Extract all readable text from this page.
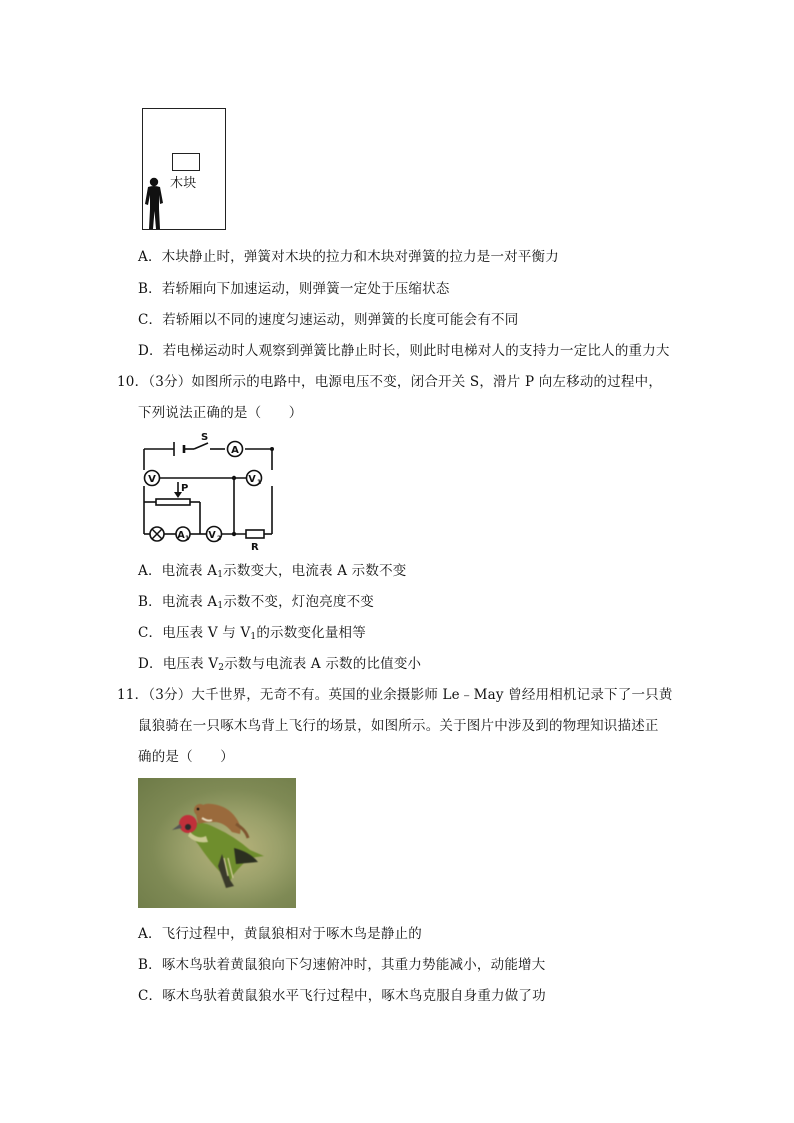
木块
A．木块静止时，弹簧对木块的拉力和木块对弹簧的拉力是一对平衡力
B．若轿厢向下加速运动，则弹簧一定处于压缩状态
C．若轿厢以不同的速度匀速运动，则弹簧的长度可能会有不同
D．若电梯运动时人观察到弹簧比静止时长，则此时电梯对人的支持力一定比人的重力大
10．（3分）如图所示的电路中，电源电压不变，闭合开关 S，滑片 P 向左移动的过程中，
下列说法正确的是（　　）
S
A
V	V 1
P
A 1 V 2
R
A．电流表 $A_1$示数变大，电流表 A 示数不变
B．电流表 $A_1$示数不变，灯泡亮度不变
C．电压表 V 与 $V_1$的示数变化量相等
D．电压表 $V_2$示数与电流表 A 示数的比值变小
11．（3分）大千世界，无奇不有。英国的业余摄影师 Le﹣May 曾经用相机记录下了一只黄
鼠狼骑在一只啄木鸟背上飞行的场景，如图所示。关于图片中涉及到的物理知识描述正
确的是（　　）
A．飞行过程中，黄鼠狼相对于啄木鸟是静止的
B．啄木鸟驮着黄鼠狼向下匀速俯冲时，其重力势能减小，动能增大
C．啄木鸟驮着黄鼠狼水平飞行过程中，啄木鸟克服自身重力做了功
